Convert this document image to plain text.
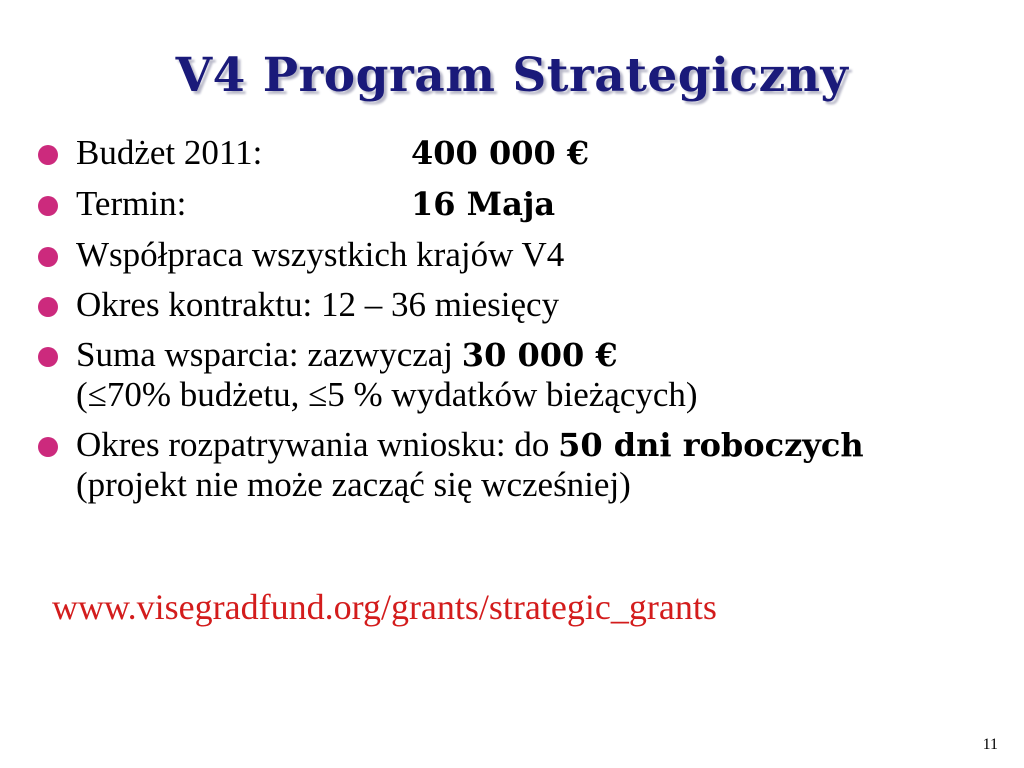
V4 Program Strategiczny
Budżet 2011:	400 000 €
Termin:	16 Maja
Współpraca wszystkich krajów V4
Okres kontraktu: 12 – 36 miesięcy
Suma wsparcia: zazwyczaj 30 000 €
(≤70% budżetu, ≤5 % wydatków bieżących)
Okres rozpatrywania wniosku: do 50 dni roboczych
(projekt nie może zacząć się wcześniej)
www.visegradfund.org/grants/strategic_grants
11
